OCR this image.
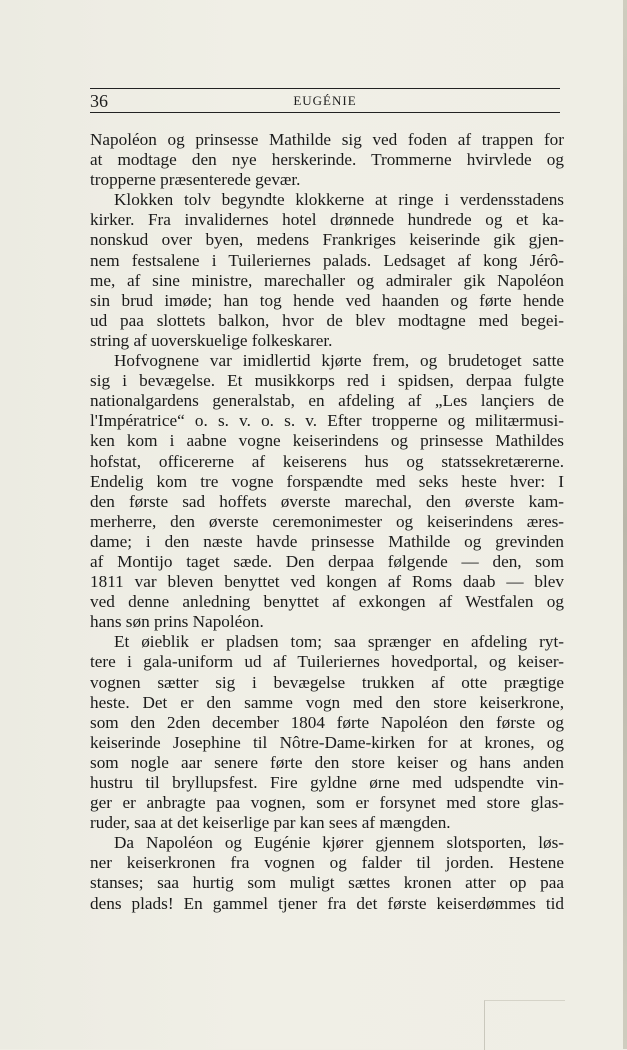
36	EUGÉNIE
Napoléon og prinsesse Mathilde sig ved foden af trappen for
at modtage den nye herskerinde. Trommerne hvirvlede og
tropperne præsenterede gevær.
Klokken tolv begyndte klokkerne at ringe i verdensstadens
kirker. Fra invalidernes hotel drønnede hundrede og et ka-
nonskud over byen, medens Frankriges keiserinde gik gjen-
nem festsalene i Tuileriernes palads. Ledsaget af kong Jérô-
me, af sine ministre, marechaller og admiraler gik Napoléon
sin brud imøde; han tog hende ved haanden og førte hende
ud paa slottets balkon, hvor de blev modtagne med begei-
string af uoverskuelige folkeskarer.
Hofvognene var imidlertid kjørte frem, og brudetoget satte
sig i bevægelse. Et musikkorps red i spidsen, derpaa fulgte
nationalgardens generalstab, en afdeling af „Les lançiers de
l'Impératrice“ o. s. v. o. s. v. Efter tropperne og militærmusi-
ken kom i aabne vogne keiserindens og prinsesse Mathildes
hofstat, officererne af keiserens hus og statssekretærerne.
Endelig kom tre vogne forspændte med seks heste hver: I
den første sad hoffets øverste marechal, den øverste kam-
merherre, den øverste ceremonimester og keiserindens æres-
dame; i den næste havde prinsesse Mathilde og grevinden
af Montijo taget sæde. Den derpaa følgende — den, som
1811 var bleven benyttet ved kongen af Roms daab — blev
ved denne anledning benyttet af exkongen af Westfalen og
hans søn prins Napoléon.
Et øieblik er pladsen tom; saa sprænger en afdeling ryt-
tere i gala-uniform ud af Tuileriernes hovedportal, og keiser-
vognen sætter sig i bevægelse trukken af otte prægtige
heste. Det er den samme vogn med den store keiserkrone,
som den 2den december 1804 førte Napoléon den første og
keiserinde Josephine til Nôtre-Dame-kirken for at krones, og
som nogle aar senere førte den store keiser og hans anden
hustru til bryllupsfest. Fire gyldne ørne med udspendte vin-
ger er anbragte paa vognen, som er forsynet med store glas-
ruder, saa at det keiserlige par kan sees af mængden.
Da Napoléon og Eugénie kjører gjennem slotsporten, løs-
ner keiserkronen fra vognen og falder til jorden. Hestene
stanses; saa hurtig som muligt sættes kronen atter op paa
dens plads! En gammel tjener fra det første keiserdømmes tid
